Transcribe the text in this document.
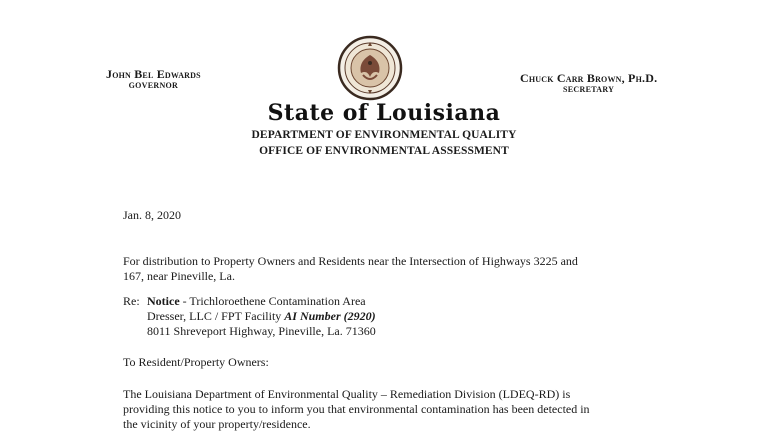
John Bel Edwards
GOVERNOR
Chuck Carr Brown, Ph.D.
SECRETARY
State of Louisiana
DEPARTMENT OF ENVIRONMENTAL QUALITY
OFFICE OF ENVIRONMENTAL ASSESSMENT
Jan. 8, 2020
For distribution to Property Owners and Residents near the Intersection of Highways 3225 and
167, near Pineville, La.
Re: Notice - Trichloroethene Contamination Area
Dresser, LLC / FPT Facility AI Number (2920)
8011 Shreveport Highway, Pineville, La. 71360
To Resident/Property Owners:
The Louisiana Department of Environmental Quality – Remediation Division (LDEQ-RD) is
providing this notice to you to inform you that environmental contamination has been detected in
the vicinity of your property/residence.
